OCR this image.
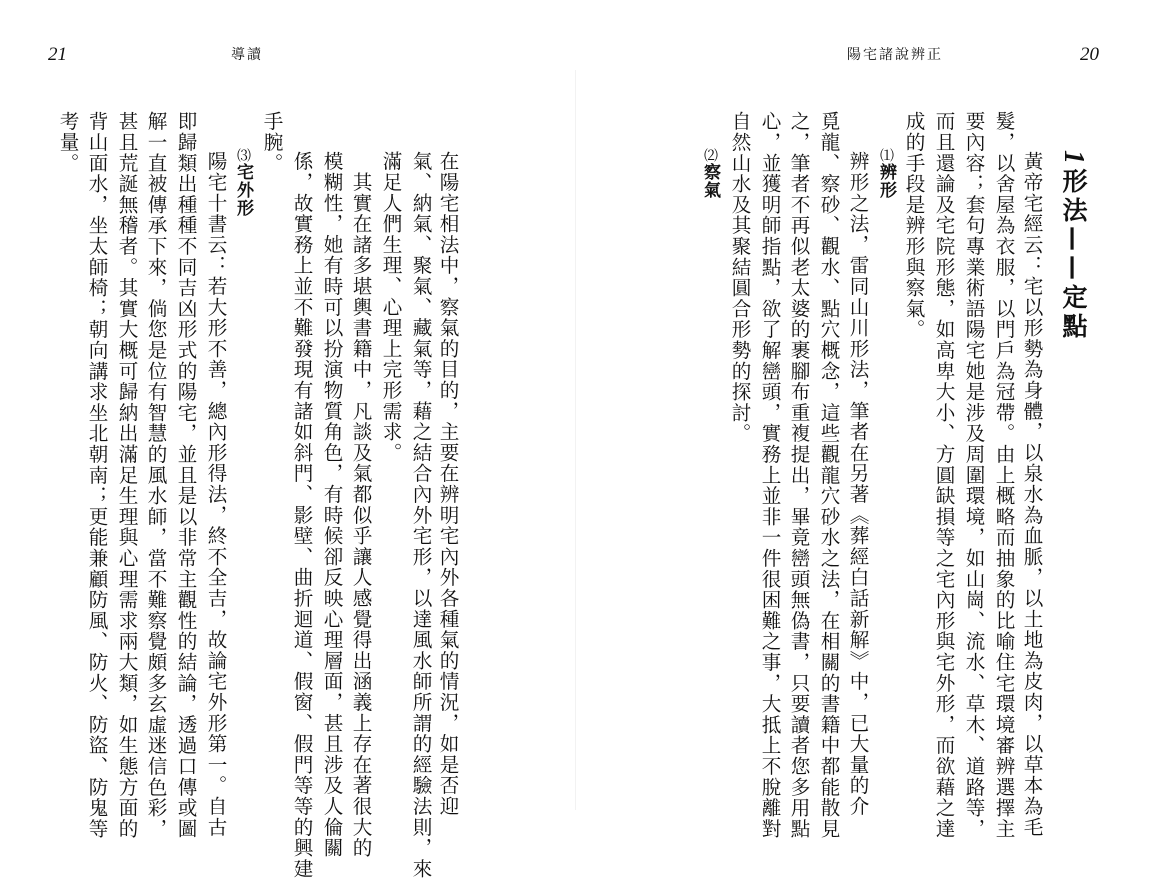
21	導讀
在陽宅相法中，察氣的目的，主要在辨明宅內外各種氣的情況，如是否迎
氣、納氣、聚氣、藏氣等，藉之結合內外宅形，以達風水師所謂的經驗法則，來
滿足人們生理、心理上完形需求。
　其實在諸多堪輿書籍中，凡談及氣都似乎讓人感覺得出涵義上存在著很大的
模糊性，她有時可以扮演物質角色，有時候卻反映心理層面，甚且涉及人倫關
係，故實務上並不難發現有諸如斜門、影壁、曲折迴道、假窗、假門等等的興建
手腕。
⑶宅外形
陽宅十書云：若大形不善，總內形得法，終不全吉，故論宅外形第一。自古
即歸類出種種不同吉凶形式的陽宅，並且是以非常主觀性的結論，透過口傳或圖
解一直被傳承下來，倘您是位有智慧的風水師，當不難察覺頗多玄虛迷信色彩，
甚且荒誕無稽者。其實大概可歸納出滿足生理與心理需求兩大類，如生態方面的
背山面水，坐太師椅；朝向講求坐北朝南；更能兼顧防風、防火、防盜、防鬼等
考量。
陽宅諸說辨正	20
1形法——定點
黃帝宅經云：宅以形勢為身體，以泉水為血脈，以土地為皮肉，以草本為毛
髮，以舍屋為衣服，以門戶為冠帶。由上概略而抽象的比喻住宅環境審辨選擇主
要內容；套句專業術語陽宅她是涉及周圍環境，如山崗、流水、草木、道路等，
而且還論及宅院形態，如高卑大小、方圓缺損等之宅內形與宅外形，而欲藉之達
成的手段是辨形與察氣。
⑴辨形
辨形之法，雷同山川形法，筆者在另著《葬經白話新解》中，已大量的介
覓龍、察砂、觀水、點穴概念，這些觀龍穴砂水之法，在相關的書籍中都能散見
之，筆者不再似老太婆的裹腳布重複提出，畢竟巒頭無偽書，只要讀者您多用點
心，並獲明師指點，欲了解巒頭，實務上並非一件很困難之事，大抵上不脫離對
自然山水及其聚結圓合形勢的探討。
⑵察氣
